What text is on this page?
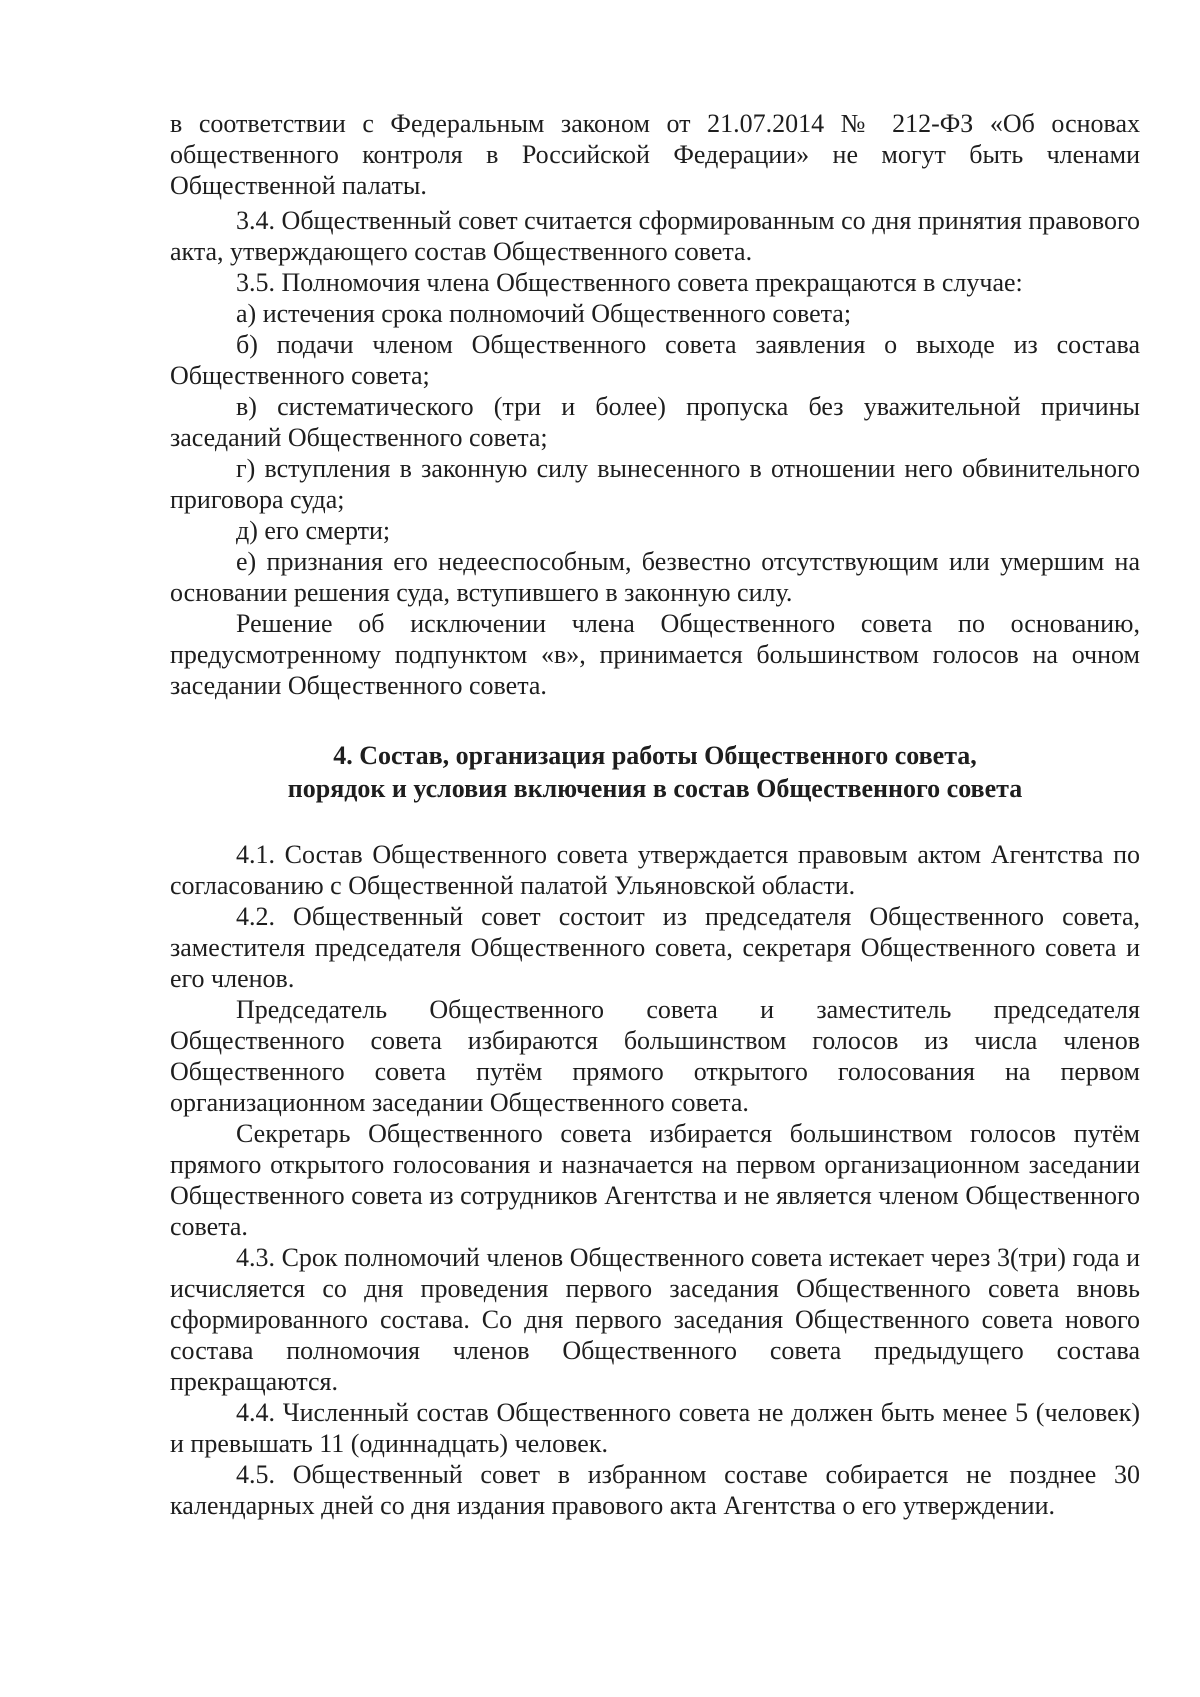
в соответствии с Федеральным законом от 21.07.2014 № 212-ФЗ «Об основах общественного контроля в Российской Федерации» не могут быть членами Общественной палаты.

3.4. Общественный совет считается сформированным со дня принятия правового акта, утверждающего состав Общественного совета.

3.5. Полномочия члена Общественного совета прекращаются в случае:

а) истечения срока полномочий Общественного совета;

б) подачи членом Общественного совета заявления о выходе из состава Общественного совета;

в) систематического (три и более) пропуска без уважительной причины заседаний Общественного совета;

г) вступления в законную силу вынесенного в отношении него обвинительного приговора суда;

д) его смерти;

е) признания его недееспособным, безвестно отсутствующим или умершим на основании решения суда, вступившего в законную силу.

Решение об исключении члена Общественного совета по основанию, предусмотренному подпунктом «в», принимается большинством голосов на очном заседании Общественного совета.

4. Состав, организация работы Общественного совета,
порядок и условия включения в состав Общественного совета

4.1. Состав Общественного совета утверждается правовым актом Агентства по согласованию с Общественной палатой Ульяновской области.

4.2. Общественный совет состоит из председателя Общественного совета, заместителя председателя Общественного совета, секретаря Общественного совета и его членов.

Председатель Общественного совета и заместитель председателя Общественного совета избираются большинством голосов из числа членов Общественного совета путём прямого открытого голосования на первом организационном заседании Общественного совета.

Секретарь Общественного совета избирается большинством голосов путём прямого открытого голосования и назначается на первом организационном заседании Общественного совета из сотрудников Агентства и не является членом Общественного совета.

4.3. Срок полномочий членов Общественного совета истекает через 3(три) года и исчисляется со дня проведения первого заседания Общественного совета вновь сформированного состава. Со дня первого заседания Общественного совета нового состава полномочия членов Общественного совета предыдущего состава прекращаются.

4.4. Численный состав Общественного совета не должен быть менее 5 (человек) и превышать 11 (одиннадцать) человек.

4.5. Общественный совет в избранном составе собирается не позднее 30 календарных дней со дня издания правового акта Агентства о его утверждении.
